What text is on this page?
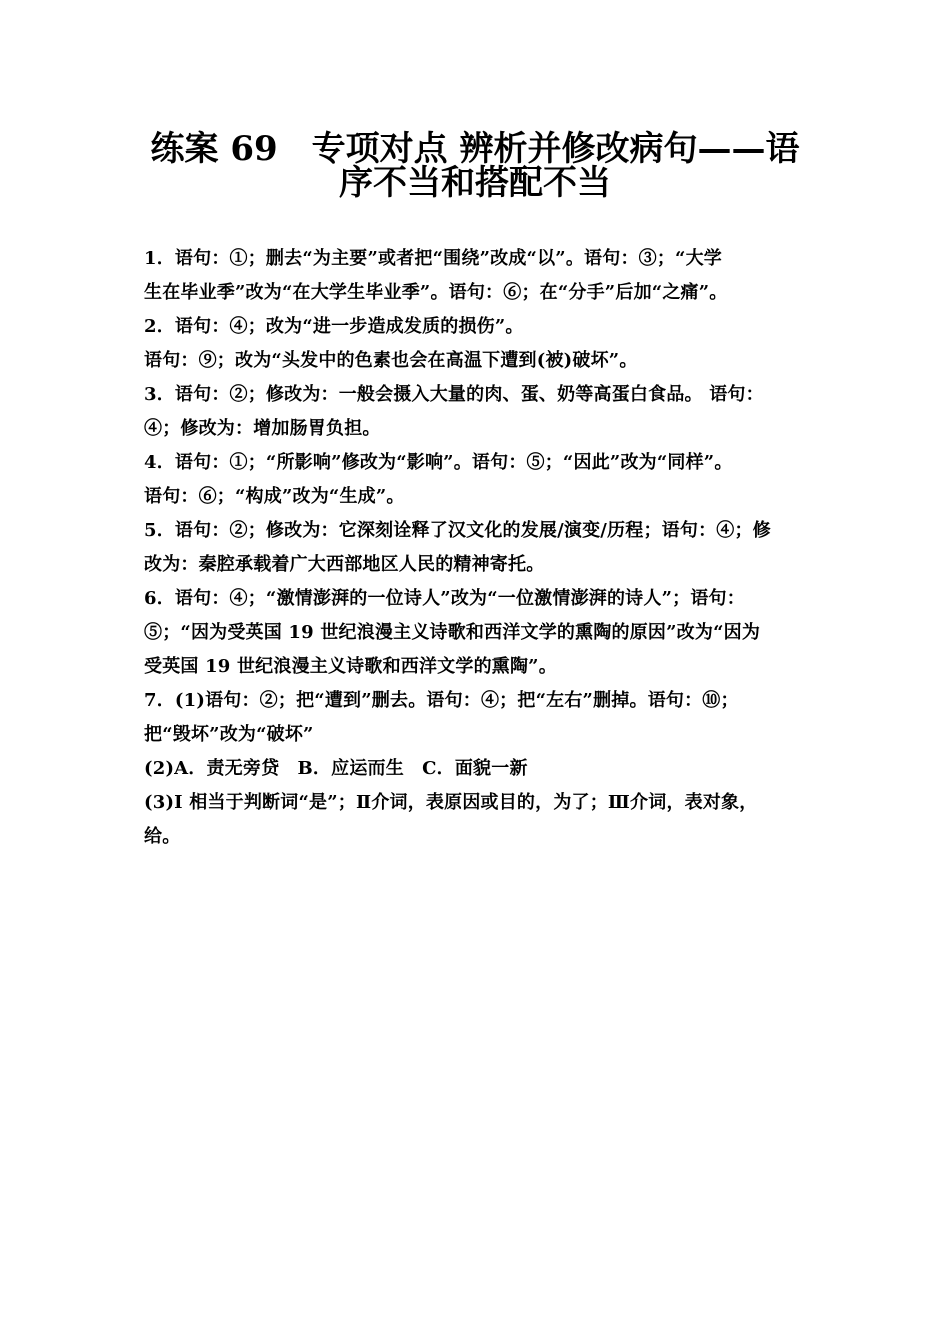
练案 69　专项对点 辨析并修改病句——语
序不当和搭配不当
1．语句：①；删去“为主要”或者把“围绕”改成“以”。语句：③；“大学
生在毕业季”改为“在大学生毕业季”。语句：⑥；在“分手”后加“之痛”。
2．语句：④；改为“进一步造成发质的损伤”。
语句：⑨；改为“头发中的色素也会在高温下遭到(被)破坏”。
3．语句：②；修改为：一般会摄入大量的肉、蛋、奶等高蛋白食品。 语句：
④；修改为：增加肠胃负担。
4．语句：①；“所影响”修改为“影响”。语句：⑤；“因此”改为“同样”。
语句：⑥；“构成”改为“生成”。
5．语句：②；修改为：它深刻诠释了汉文化的发展/演变/历程；语句：④；修
改为：秦腔承载着广大西部地区人民的精神寄托。
6．语句：④；“激情澎湃的一位诗人”改为“一位激情澎湃的诗人”；语句：
⑤；“因为受英国 19 世纪浪漫主义诗歌和西洋文学的熏陶的原因”改为“因为
受英国 19 世纪浪漫主义诗歌和西洋文学的熏陶”。
7．(1)语句：②；把“遭到”删去。语句：④；把“左右”删掉。语句：⑩；
把“毁坏”改为“破坏”
(2)A．责无旁贷　B．应运而生　C．面貌一新
(3)Ⅰ 相当于判断词“是”；Ⅱ介词，表原因或目的，为了；Ⅲ介词，表对象，
给。
